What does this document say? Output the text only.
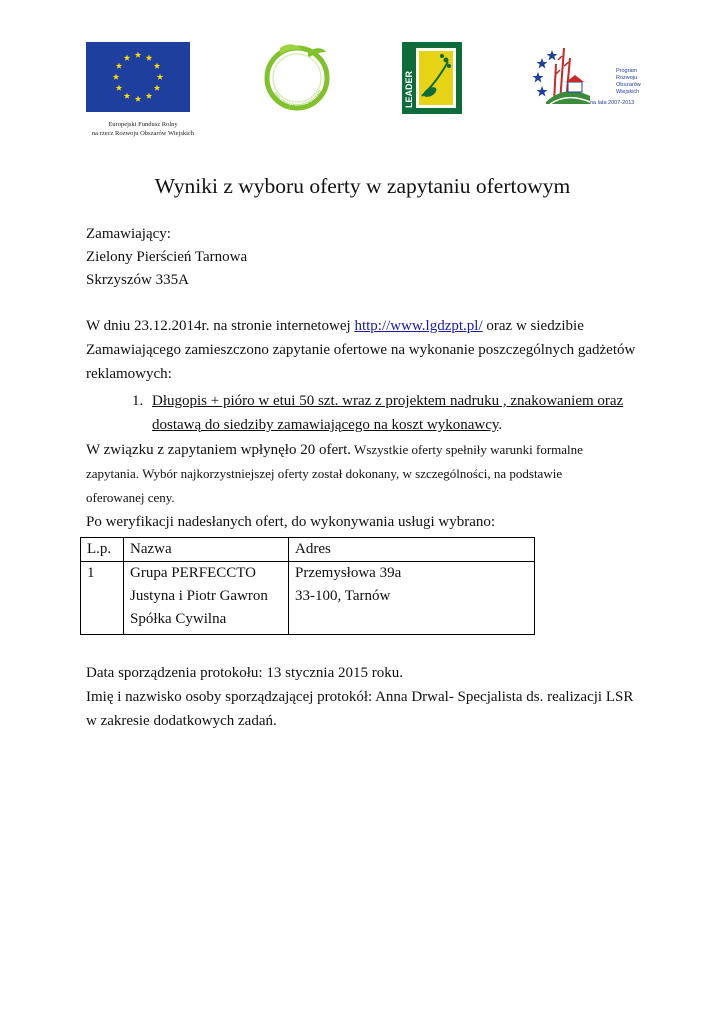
Europejski Fundusz Rolny
na rzecz Rozwoju Obszarów Wiejskich
ZIELONY PIERŚCIEŃ TAR	LEADER	Program
Rozwoju
Obszarów
Wiejskich
na lata 2007-2013
Wyniki z wyboru oferty w zapytaniu ofertowym
Zamawiający:
Zielony Pierścień Tarnowa
Skrzyszów 335A
W dniu 23.12.2014r. na stronie internetowej http://www.lgdzpt.pl/ oraz w siedzibie
Zamawiającego zamieszczono zapytanie ofertowe na wykonanie poszczególnych gadżetów
reklamowych:
1. Długopis + pióro w etui 50 szt. wraz z projektem nadruku , znakowaniem oraz
dostawą do siedziby zamawiającego na koszt wykonawcy.
W związku z zapytaniem wpłynęło 20 ofert. Wszystkie oferty spełniły warunki formalne
zapytania. Wybór najkorzystniejszej oferty został dokonany, w szczególności, na podstawie
oferowanej ceny.
Po weryfikacji nadesłanych ofert, do wykonywania usługi wybrano:
L.p.	Nazwa	Adres
1	Grupa PERFECCTO
Justyna i Piotr Gawron
Spółka Cywilna	Przemysłowa 39a
33-100, Tarnów
Data sporządzenia protokołu: 13 stycznia 2015 roku.
Imię i nazwisko osoby sporządzającej protokół: Anna Drwal- Specjalista ds. realizacji LSR
w zakresie dodatkowych zadań.
